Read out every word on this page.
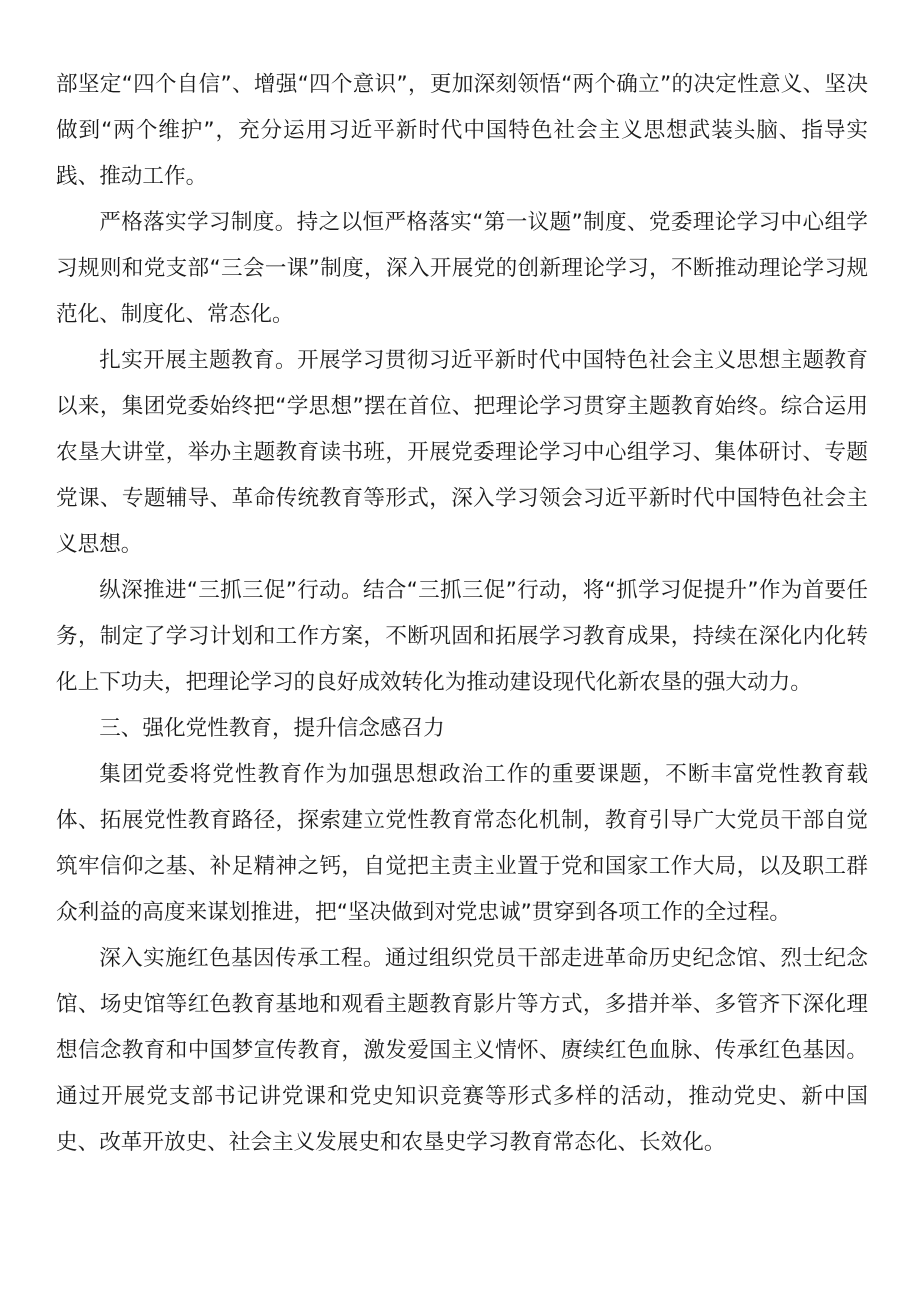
部坚定“四个自信”、增强“四个意识”，更加深刻领悟“两个确立”的决定性意义、坚决做到“两个维护”，充分运用习近平新时代中国特色社会主义思想武装头脑、指导实践、推动工作。

严格落实学习制度。持之以恒严格落实“第一议题”制度、党委理论学习中心组学习规则和党支部“三会一课”制度，深入开展党的创新理论学习，不断推动理论学习规范化、制度化、常态化。

扎实开展主题教育。开展学习贯彻习近平新时代中国特色社会主义思想主题教育以来，集团党委始终把“学思想”摆在首位、把理论学习贯穿主题教育始终。综合运用农垦大讲堂，举办主题教育读书班，开展党委理论学习中心组学习、集体研讨、专题党课、专题辅导、革命传统教育等形式，深入学习领会习近平新时代中国特色社会主义思想。

纵深推进“三抓三促”行动。结合“三抓三促”行动，将“抓学习促提升”作为首要任务，制定了学习计划和工作方案，不断巩固和拓展学习教育成果，持续在深化内化转化上下功夫，把理论学习的良好成效转化为推动建设现代化新农垦的强大动力。

三、强化党性教育，提升信念感召力

集团党委将党性教育作为加强思想政治工作的重要课题，不断丰富党性教育载体、拓展党性教育路径，探索建立党性教育常态化机制，教育引导广大党员干部自觉筑牢信仰之基、补足精神之钙，自觉把主责主业置于党和国家工作大局，以及职工群众利益的高度来谋划推进，把“坚决做到对党忠诚”贯穿到各项工作的全过程。

深入实施红色基因传承工程。通过组织党员干部走进革命历史纪念馆、烈士纪念馆、场史馆等红色教育基地和观看主题教育影片等方式，多措并举、多管齐下深化理想信念教育和中国梦宣传教育，激发爱国主义情怀、赓续红色血脉、传承红色基因。通过开展党支部书记讲党课和党史知识竞赛等形式多样的活动，推动党史、新中国史、改革开放史、社会主义发展史和农垦史学习教育常态化、长效化。
